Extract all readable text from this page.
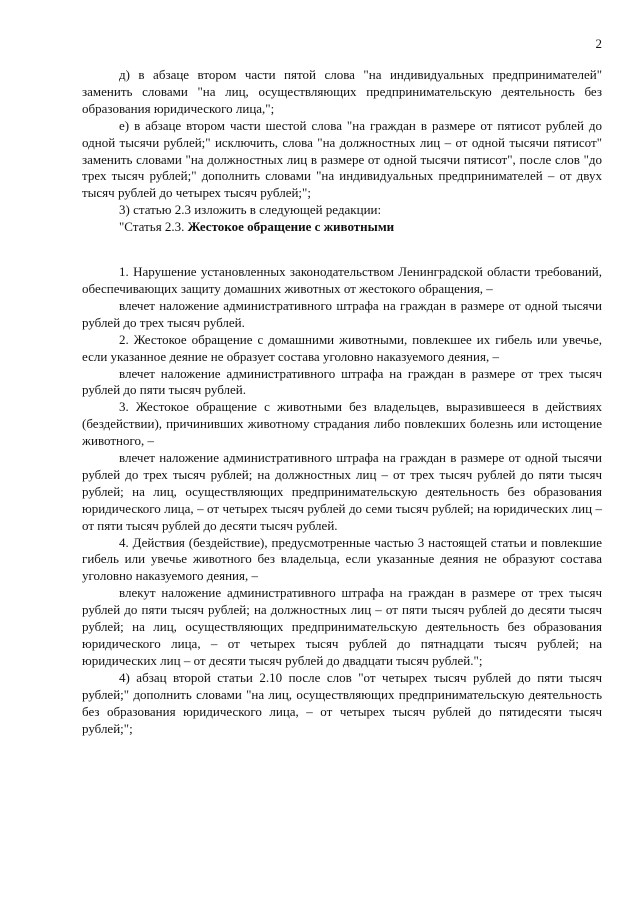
2

д) в абзаце втором части пятой слова "на индивидуальных предпринимателей" заменить словами "на лиц, осуществляющих предпринимательскую деятельность без образования юридического лица,";

е) в абзаце втором части шестой слова "на граждан в размере от пятисот рублей до одной тысячи рублей;" исключить, слова "на должностных лиц – от одной тысячи пятисот" заменить словами "на должностных лиц в размере от одной тысячи пятисот", после слов "до трех тысяч рублей;" дополнить словами "на индивидуальных предпринимателей – от двух тысяч рублей до четырех тысяч рублей;";

3) статью 2.3 изложить в следующей редакции:

"Статья 2.3. Жестокое обращение с животными

1. Нарушение установленных законодательством Ленинградской области требований, обеспечивающих защиту домашних животных от жестокого обращения, –

влечет наложение административного штрафа на граждан в размере от одной тысячи рублей до трех тысяч рублей.

2. Жестокое обращение с домашними животными, повлекшее их гибель или увечье, если указанное деяние не образует состава уголовно наказуемого деяния, –

влечет наложение административного штрафа на граждан в размере от трех тысяч рублей до пяти тысяч рублей.

3. Жестокое обращение с животными без владельцев, выразившееся в действиях (бездействии), причинивших животному страдания либо повлекших болезнь или истощение животного, –

влечет наложение административного штрафа на граждан в размере от одной тысячи рублей до трех тысяч рублей; на должностных лиц – от трех тысяч рублей до пяти тысяч рублей; на лиц, осуществляющих предпринимательскую деятельность без образования юридического лица, – от четырех тысяч рублей до семи тысяч рублей; на юридических лиц – от пяти тысяч рублей до десяти тысяч рублей.

4. Действия (бездействие), предусмотренные частью 3 настоящей статьи и повлекшие гибель или увечье животного без владельца, если указанные деяния не образуют состава уголовно наказуемого деяния, –

влекут наложение административного штрафа на граждан в размере от трех тысяч рублей до пяти тысяч рублей; на должностных лиц – от пяти тысяч рублей до десяти тысяч рублей; на лиц, осуществляющих предпринимательскую деятельность без образования юридического лица, – от четырех тысяч рублей до пятнадцати тысяч рублей; на юридических лиц – от десяти тысяч рублей до двадцати тысяч рублей.";

4) абзац второй статьи 2.10 после слов "от четырех тысяч рублей до пяти тысяч рублей;" дополнить словами "на лиц, осуществляющих предпринимательскую деятельность без образования юридического лица, – от четырех тысяч рублей до пятидесяти тысяч рублей;";
